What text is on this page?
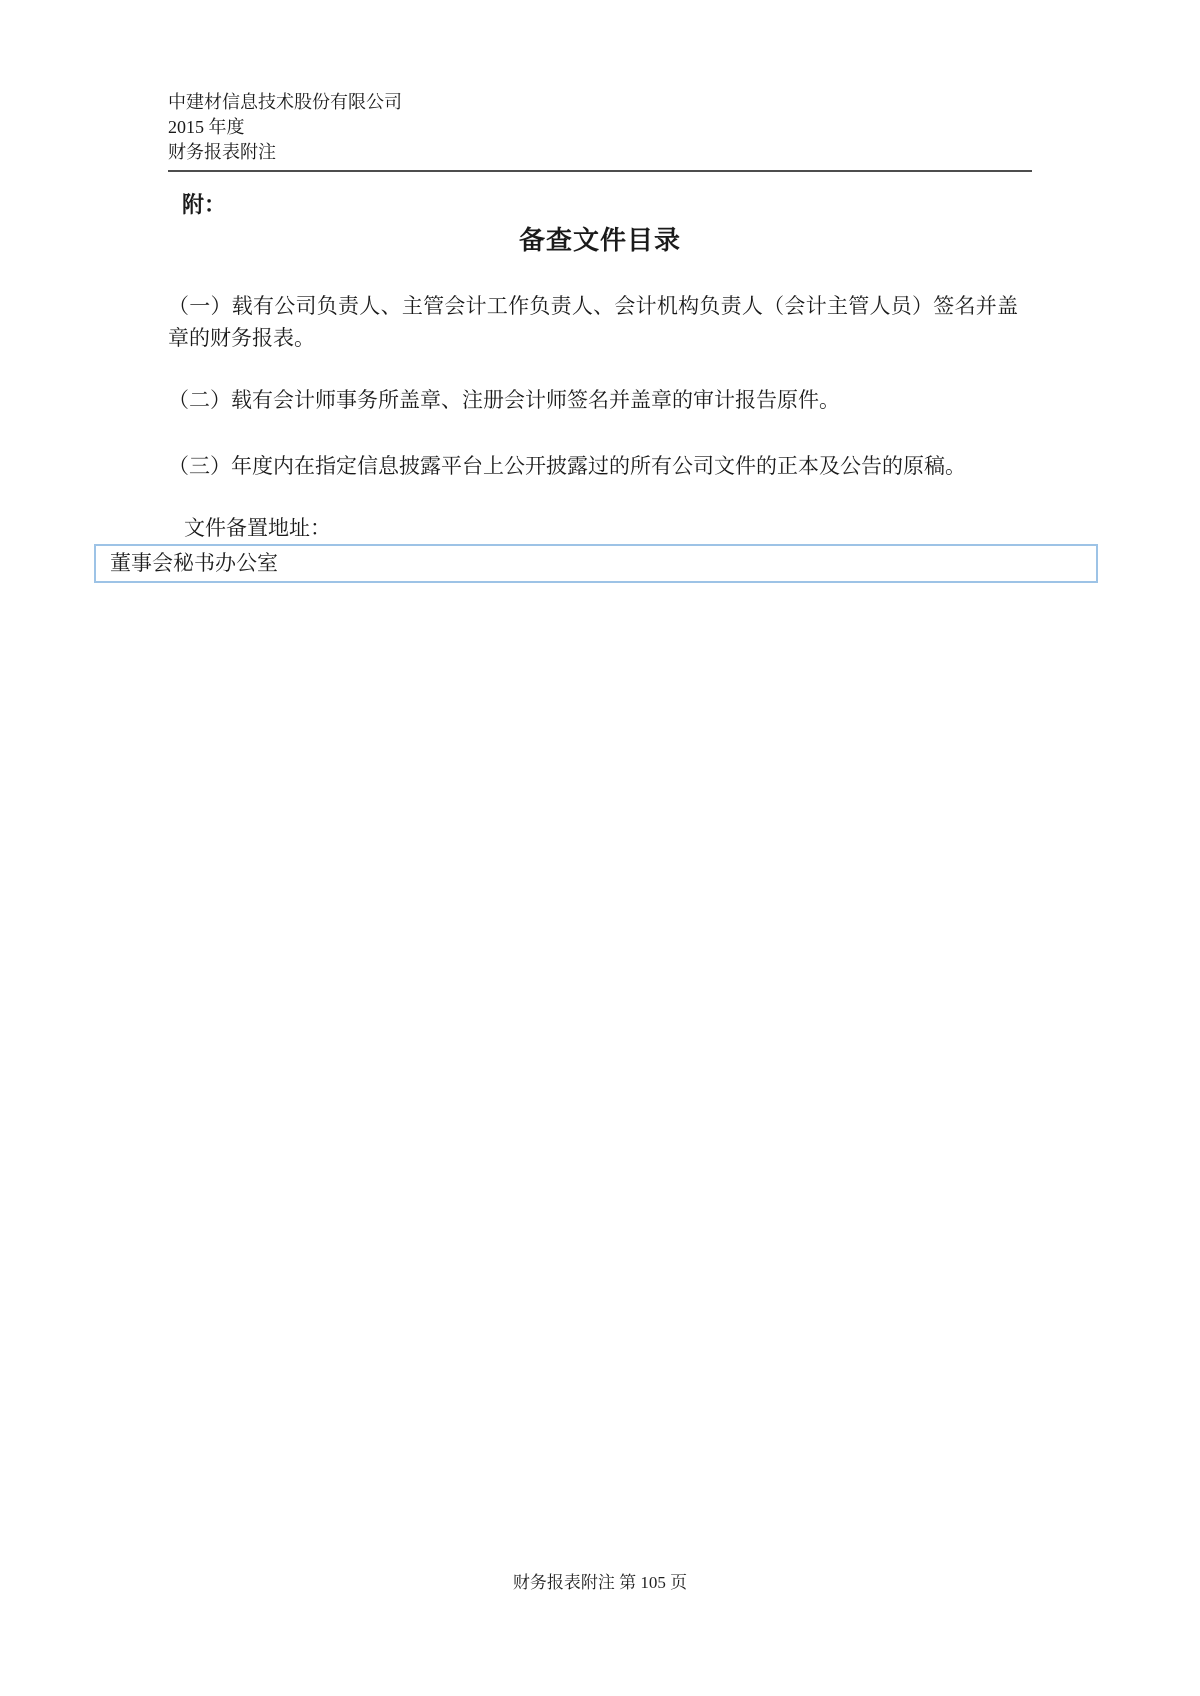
中建材信息技术股份有限公司
2015 年度
财务报表附注
附：
备查文件目录
（一）载有公司负责人、主管会计工作负责人、会计机构负责人（会计主管人员）签名并盖章的财务报表。
（二）载有会计师事务所盖章、注册会计师签名并盖章的审计报告原件。
（三）年度内在指定信息披露平台上公开披露过的所有公司文件的正本及公告的原稿。
文件备置地址：
董事会秘书办公室
财务报表附注 第 105 页
